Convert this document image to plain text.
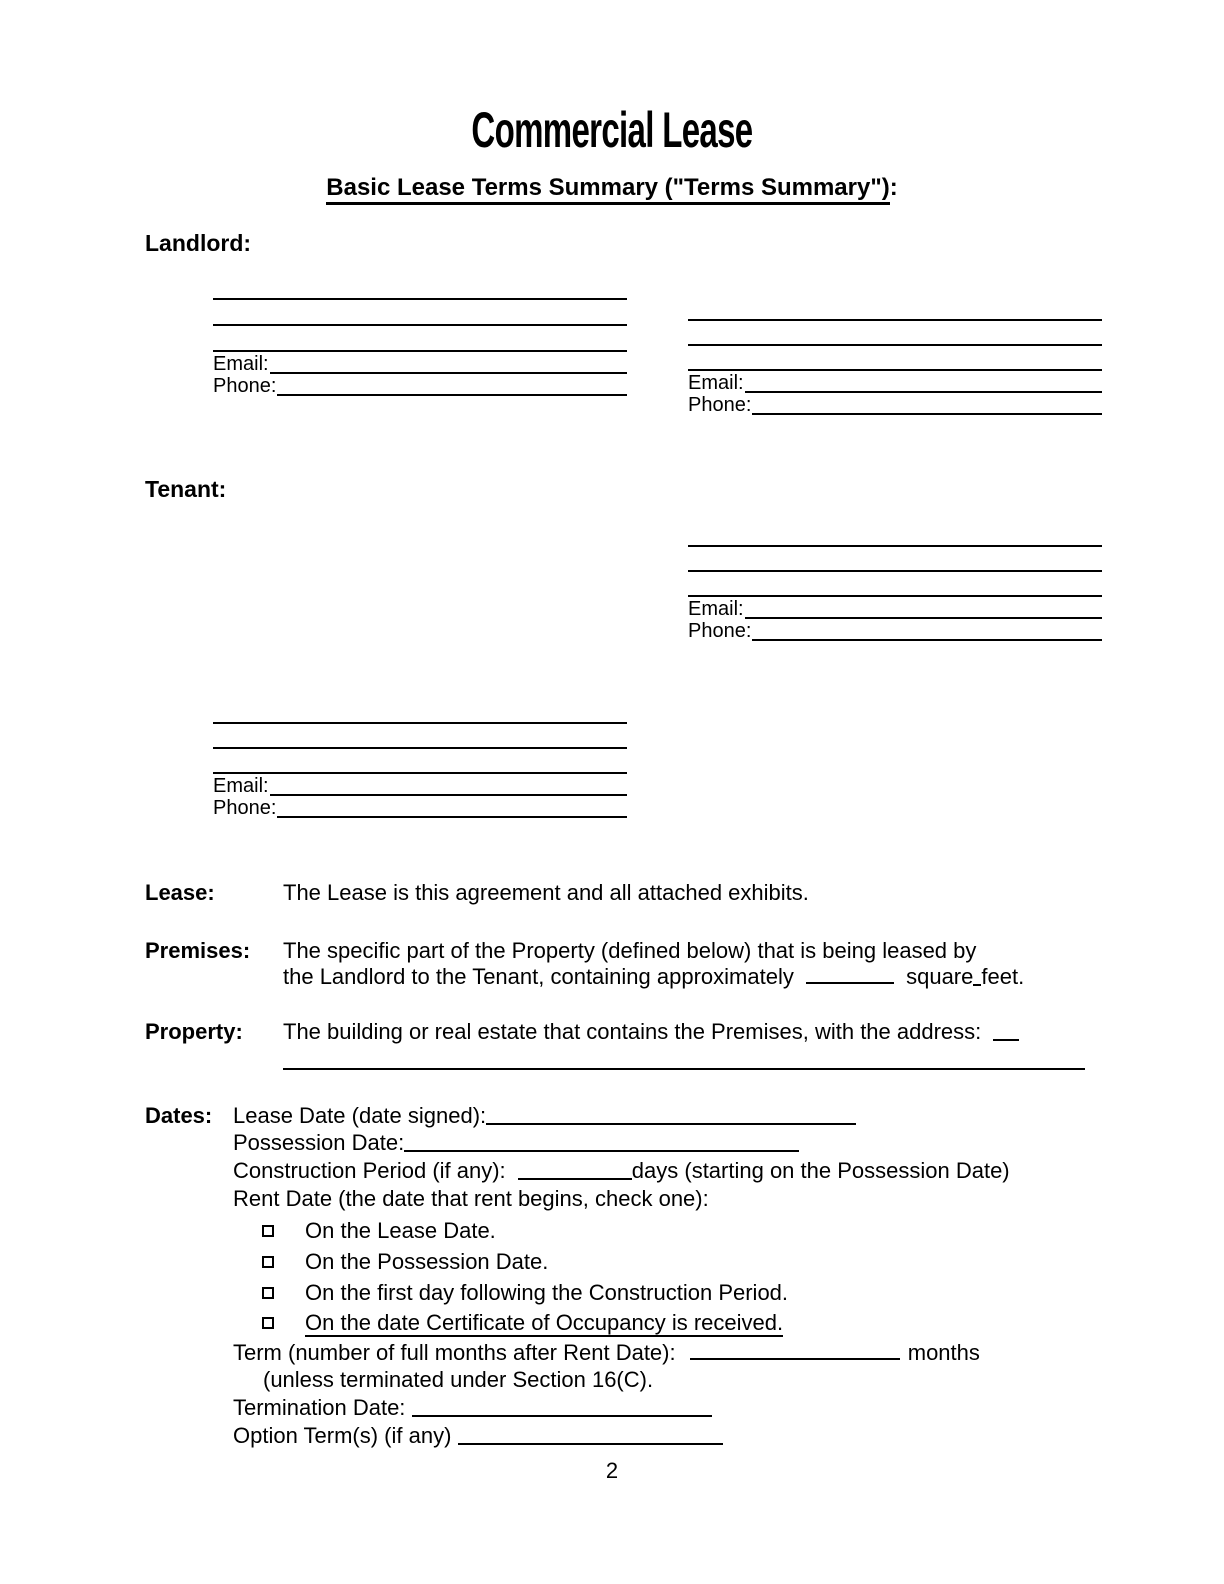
Commercial Lease
Basic Lease Terms Summary ("Terms Summary"):
Landlord:
Email:
Phone:	Email:
Phone:
Tenant:
Email:
Phone:
Email:
Phone:
Lease:	The Lease is this agreement and all attached exhibits.
Premises: The specific part of the Property (defined below) that is being leased by
the Landlord to the Tenant, containing approximately	square feet.
Property: The building or real estate that contains the Premises, with the address:
Dates: Lease Date (date signed):
Possession Date:
Construction Period (if any):	days (starting on the Possession Date)
Rent Date (the date that rent begins, check one):
On the Lease Date.
On the Possession Date.
On the first day following the Construction Period.
On the date Certificate of Occupancy is received.
Term (number of full months after Rent Date):	months
(unless terminated under Section 16(C).
Termination Date:
Option Term(s) (if any)
2
